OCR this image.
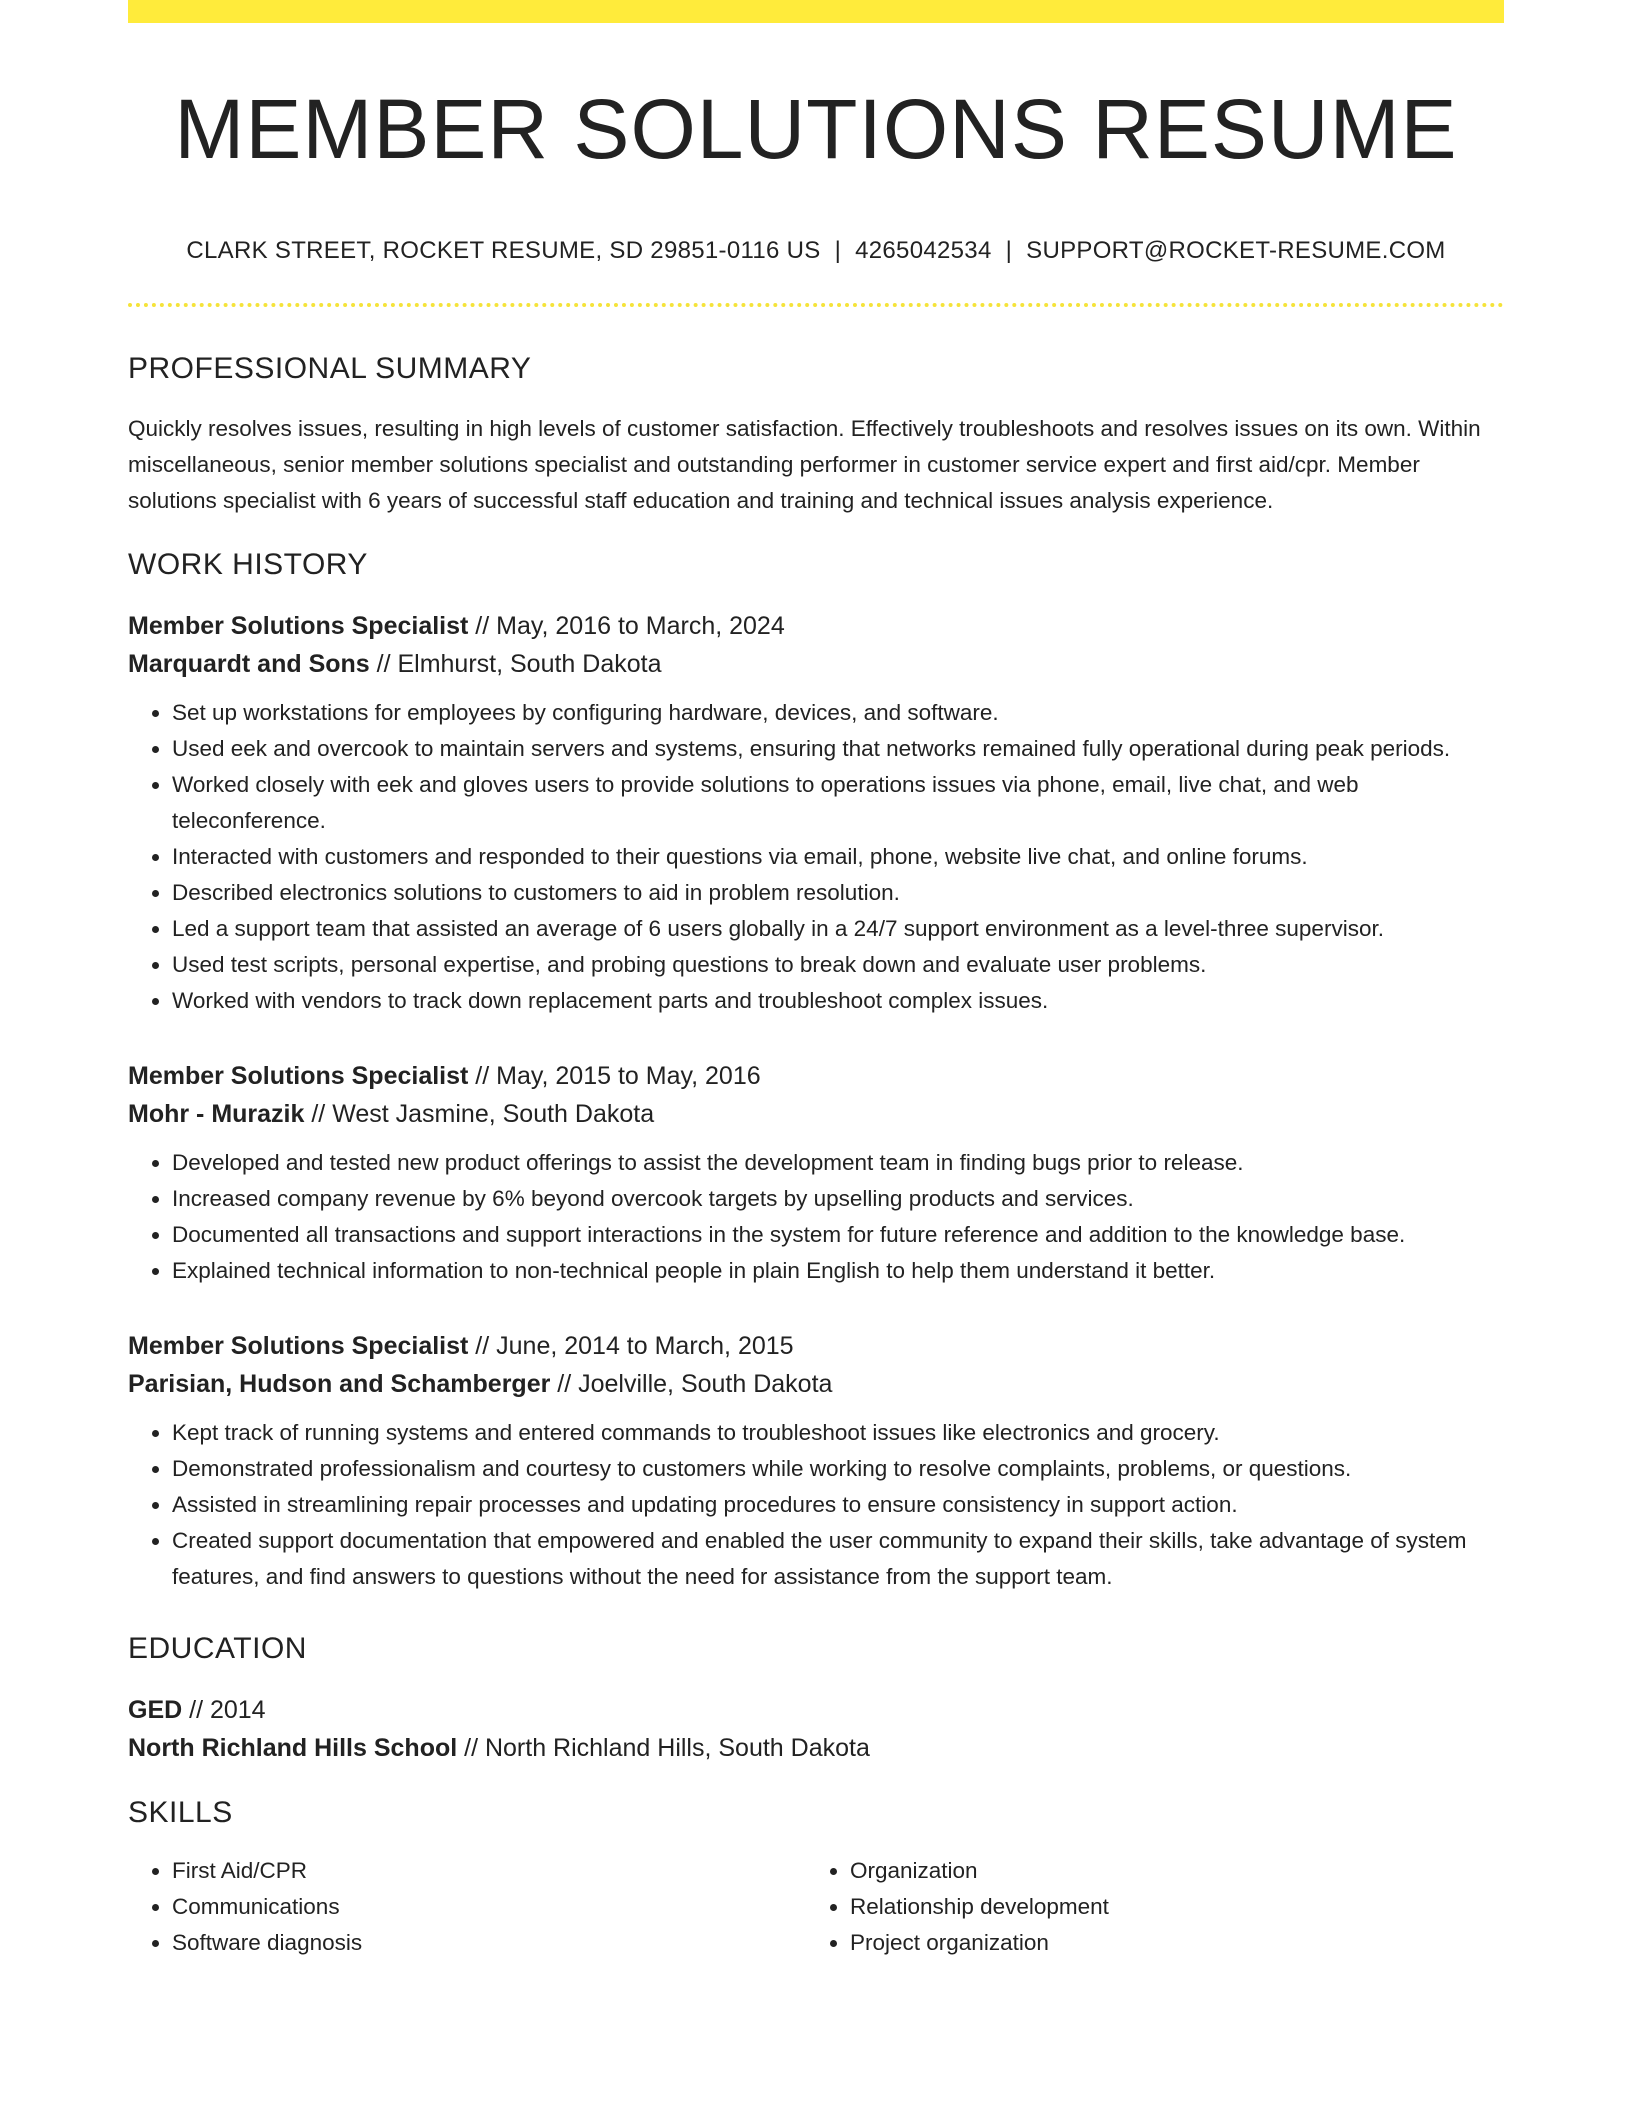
MEMBER SOLUTIONS RESUME
CLARK STREET, ROCKET RESUME, SD 29851-0116 US | 4265042534 | SUPPORT@ROCKET-RESUME.COM
PROFESSIONAL SUMMARY
Quickly resolves issues, resulting in high levels of customer satisfaction. Effectively troubleshoots and resolves issues on its own. Within miscellaneous, senior member solutions specialist and outstanding performer in customer service expert and first aid/cpr. Member solutions specialist with 6 years of successful staff education and training and technical issues analysis experience.
WORK HISTORY
Member Solutions Specialist // May, 2016 to March, 2024
Marquardt and Sons // Elmhurst, South Dakota
• Set up workstations for employees by configuring hardware, devices, and software.
• Used eek and overcook to maintain servers and systems, ensuring that networks remained fully operational during peak periods.
• Worked closely with eek and gloves users to provide solutions to operations issues via phone, email, live chat, and web teleconference.
• Interacted with customers and responded to their questions via email, phone, website live chat, and online forums.
• Described electronics solutions to customers to aid in problem resolution.
• Led a support team that assisted an average of 6 users globally in a 24/7 support environment as a level-three supervisor.
• Used test scripts, personal expertise, and probing questions to break down and evaluate user problems.
• Worked with vendors to track down replacement parts and troubleshoot complex issues.
Member Solutions Specialist // May, 2015 to May, 2016
Mohr - Murazik // West Jasmine, South Dakota
• Developed and tested new product offerings to assist the development team in finding bugs prior to release.
• Increased company revenue by 6% beyond overcook targets by upselling products and services.
• Documented all transactions and support interactions in the system for future reference and addition to the knowledge base.
• Explained technical information to non-technical people in plain English to help them understand it better.
Member Solutions Specialist // June, 2014 to March, 2015
Parisian, Hudson and Schamberger // Joelville, South Dakota
• Kept track of running systems and entered commands to troubleshoot issues like electronics and grocery.
• Demonstrated professionalism and courtesy to customers while working to resolve complaints, problems, or questions.
• Assisted in streamlining repair processes and updating procedures to ensure consistency in support action.
• Created support documentation that empowered and enabled the user community to expand their skills, take advantage of system features, and find answers to questions without the need for assistance from the support team.
EDUCATION
GED // 2014
North Richland Hills School // North Richland Hills, South Dakota
SKILLS
• First Aid/CPR
• Communications
• Software diagnosis
• Organization
• Relationship development
• Project organization
